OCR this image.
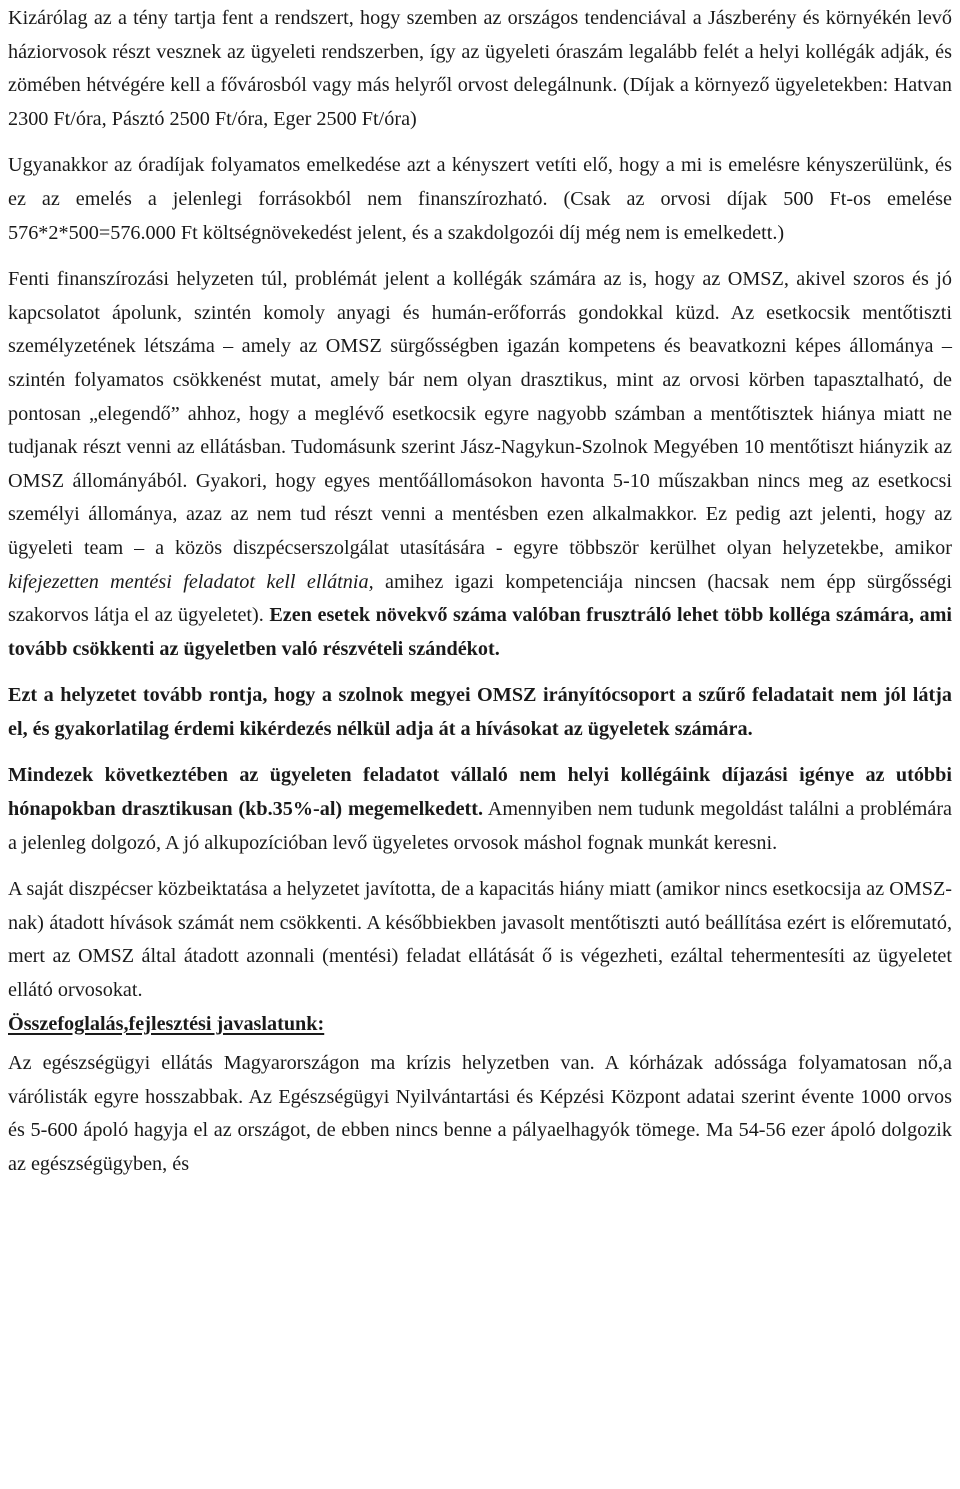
Kizárólag az a tény tartja fent a rendszert, hogy szemben az országos tendenciával a Jászberény és környékén levő háziorvosok részt vesznek az ügyeleti rendszerben, így az ügyeleti óraszám legalább felét a helyi kollégák adják, és zömében hétvégére kell a fővárosból vagy más helyről orvost delegálnunk. (Díjak a környező ügyeletekben: Hatvan 2300 Ft/óra, Pásztó 2500 Ft/óra, Eger 2500 Ft/óra)

Ugyanakkor az óradíjak folyamatos emelkedése azt a kényszert vetíti elő, hogy a mi is emelésre kényszerülünk, és ez az emelés a jelenlegi forrásokból nem finanszírozható. (Csak az orvosi díjak 500 Ft-os emelése 576*2*500=576.000 Ft költségnövekedést jelent, és a szakdolgozói díj még nem is emelkedett.)

Fenti finanszírozási helyzeten túl, problémát jelent a kollégák számára az is, hogy az OMSZ, akivel szoros és jó kapcsolatot ápolunk, szintén komoly anyagi és humán-erőforrás gondokkal küzd. Az esetkocsik mentőtiszti személyzetének létszáma – amely az OMSZ sürgősségben igazán kompetens és beavatkozni képes állománya – szintén folyamatos csökkenést mutat, amely bár nem olyan drasztikus, mint az orvosi körben tapasztalható, de pontosan „elegendő” ahhoz, hogy a meglévő esetkocsik egyre nagyobb számban a mentőtisztek hiánya miatt ne tudjanak részt venni az ellátásban. Tudomásunk szerint Jász-Nagykun-Szolnok Megyében 10 mentőtiszt hiányzik az OMSZ állományából. Gyakori, hogy egyes mentőállomásokon havonta 5-10 műszakban nincs meg az esetkocsi személyi állománya, azaz az nem tud részt venni a mentésben ezen alkalmakkor. Ez pedig azt jelenti, hogy az ügyeleti team – a közös diszpécserszolgálat utasítására - egyre többször kerülhet olyan helyzetekbe, amikor kifejezetten mentési feladatot kell ellátnia, amihez igazi kompetenciája nincsen (hacsak nem épp sürgősségi szakorvos látja el az ügyeletet). Ezen esetek növekvő száma valóban frusztráló lehet több kollégа számára, ami tovább csökkenti az ügyeletben való részvételi szándékot.

Ezt a helyzetet tovább rontja, hogy a szolnok megyei OMSZ irányítócsoport a szűrő feladatait nem jól látja el, és gyakorlatilag érdemi kikérdezés nélkül adja át a hívásokat az ügyeletek számára.

Mindezek következtében az ügyeleten feladatot vállaló nem helyi kollégáink díjazási igénye az utóbbi hónapokban drasztikusan (kb.35%-al) megemelkedett. Amennyiben nem tudunk megoldást találni a problémára a jelenleg dolgozó, A jó alkupozícióban levő ügyeletes orvosok máshol fognak munkát keresni.

A saját diszpécser közbeiktatása a helyzetet javította, de a kapacitás hiány miatt (amikor nincs esetkocsija az OMSZ-nak) átadott hívások számát nem csökkenti. A későbbiekben javasolt mentőtiszti autó beállítása ezért is előremutató, mert az OMSZ által átadott azonnali (mentési) feladat ellátását ő is végezheti, ezáltal tehermentesíti az ügyeletet ellátó orvosokat.

Összefoglalás,fejlesztési javaslatunk:

Az egészségügyi ellátás Magyarországon ma krízis helyzetben van. A kórházak adóssága folyamatosan nő,a várólisták egyre hosszabbak. Az Egészségügyi Nyilvántartási és Képzési Központ adatai szerint évente 1000 orvos és 5-600 ápoló hagyja el az országot, de ebben nincs benne a pályaelhagyók tömege. Ma 54-56 ezer ápoló dolgozik az egészségügyben, és
